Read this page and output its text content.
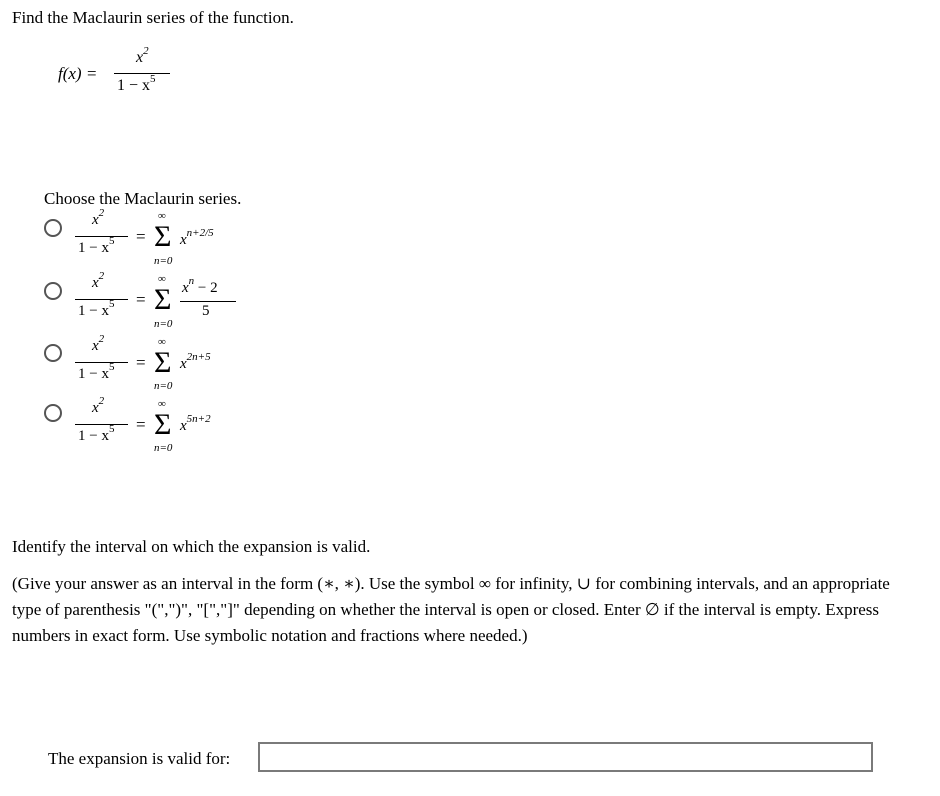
Find the Maclaurin series of the function.
f(x) =
$x^2$
$1 - x^5$
Choose the Maclaurin series.
$x^2$
$1 - x^5$ =
∞
Σ
n=0
$x^{n+2/5}$
$x^2$
$1 - x^5$ =
∞
Σ
n=0
$x^n - 2$
5
$x^2$
$1 - x^5$ =
∞
Σ
n=0
$x^{2n+5}$
$x^2$
$1 - x^5$ =
∞
Σ
n=0
$x^{5n+2}$
Identify the interval on which the expansion is valid.
(Give your answer as an interval in the form (∗, ∗). Use the symbol ∞ for infinity, ∪ for combining intervals, and an appropriate
type of parenthesis "(",")", "[","]" depending on whether the interval is open or closed. Enter ∅ if the interval is empty. Express
numbers in exact form. Use symbolic notation and fractions where needed.)
The expansion is valid for:
